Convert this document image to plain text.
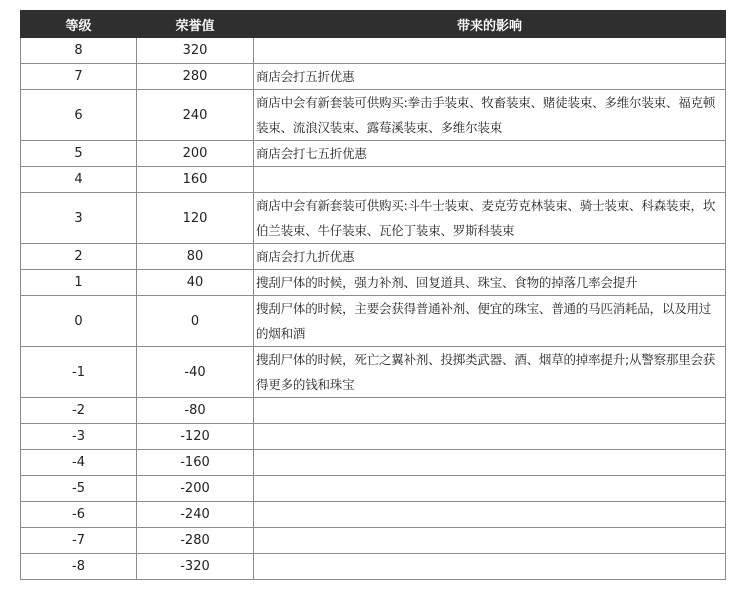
等级	荣誉值	带来的影响
8	320	
7	280	商店会打五折优惠
6	240	商店中会有新套装可供购买:拳击手装束、牧畜装束、赌徒装束、多维尔装束、福克顿装束、流浪汉装束、露莓溪装束、多维尔装束
5	200	商店会打七五折优惠
4	160	
3	120	商店中会有新套装可供购买:斗牛士装束、麦克劳克林装束、骑士装束、科森装束，坎伯兰装束、牛仔装束、瓦伦丁装束、罗斯科装束
2	80	商店会打九折优惠
1	40	搜刮尸体的时候，强力补剂、回复道具、珠宝、食物的掉落几率会提升
0	0	搜刮尸体的时候，主要会获得普通补剂、便宜的珠宝、普通的马匹消耗品，以及用过的烟和酒
-1	-40	搜刮尸体的时候，死亡之翼补剂、投掷类武器、酒、烟草的掉率提升;从警察那里会获得更多的钱和珠宝
-2	-80	
-3	-120	
-4	-160	
-5	-200	
-6	-240	
-7	-280	
-8	-320	
